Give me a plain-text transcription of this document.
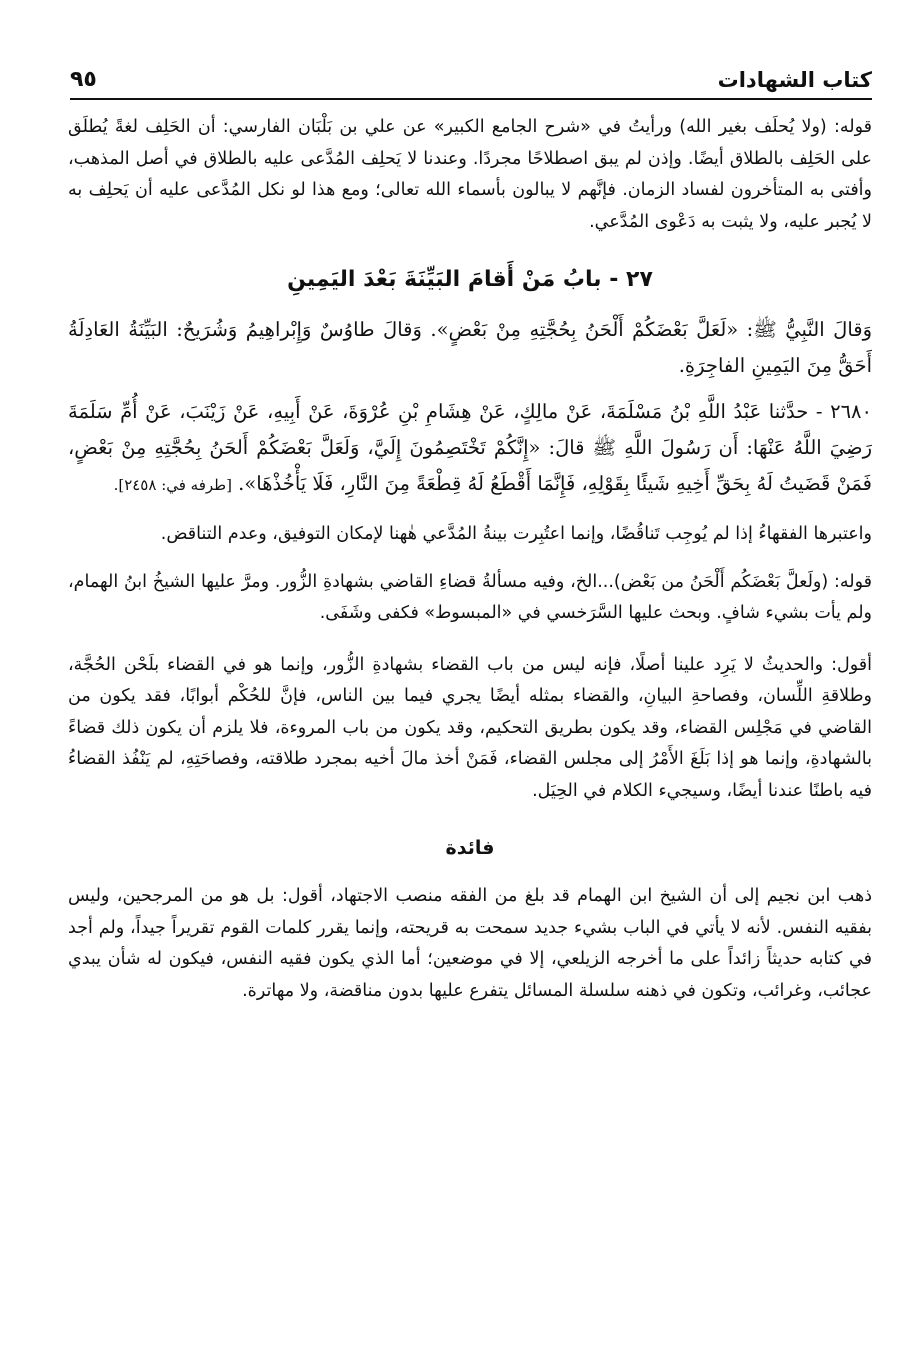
كتاب الشهادات
٩٥

قوله: (ولا يُحلَف بغير الله) ورأيتُ في «شرح الجامع الكبير» عن علي بن بَلْبَان الفارسي: أن الحَلِف لغةً يُطلَق على الحَلِف بالطلاق أيضًا. وإذن لم يبق اصطلاحًا مجردًا. وعندنا لا يَحلِف المُدَّعى عليه بالطلاق في أصل المذهب، وأفتى به المتأخرون لفساد الزمان. فإنَّهم لا يبالون بأسماء الله تعالى؛ ومع هذا لو نكل المُدَّعى عليه أن يَحلِف به لا يُجبر عليه، ولا يثبت به دَعْوى المُدَّعي.

٢٧ - بابُ مَنْ أَقامَ البَيِّنَةَ بَعْدَ اليَمِينِ

وَقالَ النَّبِيُّ ﷺ: «لَعَلَّ بَعْضَكُمْ أَلْحَنُ بِحُجَّتِهِ مِنْ بَعْضٍ». وَقالَ طاوُسٌ وَإِبْراهِيمُ وَشُرَيحٌ: البَيِّنَةُ العَادِلَةُ أَحَقُّ مِنَ اليَمِينِ الفاجِرَةِ.

٢٦٨٠ - حدَّثنا عَبْدُ اللَّهِ بْنُ مَسْلَمَةَ، عَنْ مالِكٍ، عَنْ هِشَامِ بْنِ عُرْوَةَ، عَنْ أَبِيهِ، عَنْ زَيْنَبَ، عَنْ أُمِّ سَلَمَةَ رَضِيَ اللَّهُ عَنْهَا: أَن رَسُولَ اللَّهِ ﷺ قالَ: «إِنَّكُمْ تَخْتَصِمُونَ إِلَيَّ، وَلَعَلَّ بَعْضَكُمْ أَلحَنُ بِحُجَّتِهِ مِنْ بَعْضٍ، فَمَنْ قَضَيتُ لَهُ بِحَقِّ أَخِيهِ شَيئًا بِقَوْلِهِ، فَإِنَّمَا أَقْطَعُ لَهُ قِطْعَةً مِنَ النَّارِ، فَلَا يَأْخُذْهَا». [طرفه في: ٢٤٥٨].

واعتبرها الفقهاءُ إذا لم يُوجِب تَناقُضًا، وإنما اعتُبِرت بينةُ المُدَّعي هٰهنا لإمكان التوفيق، وعدم التناقض.

قوله: (ولَعلَّ بَعْضَكُم أَلْحَنُ من بَعْض)...الخ، وفيه مسألةُ قضاءِ القاضي بشهادةِ الزُّور. ومرَّ عليها الشيخُ ابنُ الهمام، ولم يأت بشيء شافٍ. وبحث عليها السَّرَخسي في «المبسوط» فكفى وشَفَى.

أقول: والحديثُ لا يَرِد علينا أصلًا، فإنه ليس من باب القضاء بشهادةِ الزُّور، وإنما هو في القضاء بلَحْن الحُجَّة، وطلاقةِ اللِّسان، وفصاحةِ البيانِ، والقضاء بمثله أيضًا يجري فيما بين الناس، فإنَّ للحُكْم أبوابًا، فقد يكون من القاضي في مَجْلِس القضاء، وقد يكون بطريق التحكيم، وقد يكون من باب المروءة، فلا يلزم أن يكون ذلك قضاءً بالشهادةِ، وإنما هو إذا بَلَغَ الأَمْرُ إلى مجلس القضاء، فَمَنْ أخذ مالَ أخيه بمجرد طلاقته، وفصاحَتِهِ، لم يَنْفُذ القضاءُ فيه باطنًا عندنا أيضًا، وسيجيء الكلام في الحِيَل.

فائدة

ذهب ابن نجيم إلى أن الشيخ ابن الهمام قد بلغ من الفقه منصب الاجتهاد، أقول: بل هو من المرجحين، وليس بفقيه النفس. لأنه لا يأتي في الباب بشيء جديد سمحت به قريحته، وإنما يقرر كلمات القوم تقريراً جيداً، ولم أجد في كتابه حديثاً زائداً على ما أخرجه الزيلعي، إلا في موضعين؛ أما الذي يكون فقيه النفس، فيكون له شأن يبدي عجائب، وغرائب، وتكون في ذهنه سلسلة المسائل يتفرع عليها بدون مناقضة، ولا مهاترة.
